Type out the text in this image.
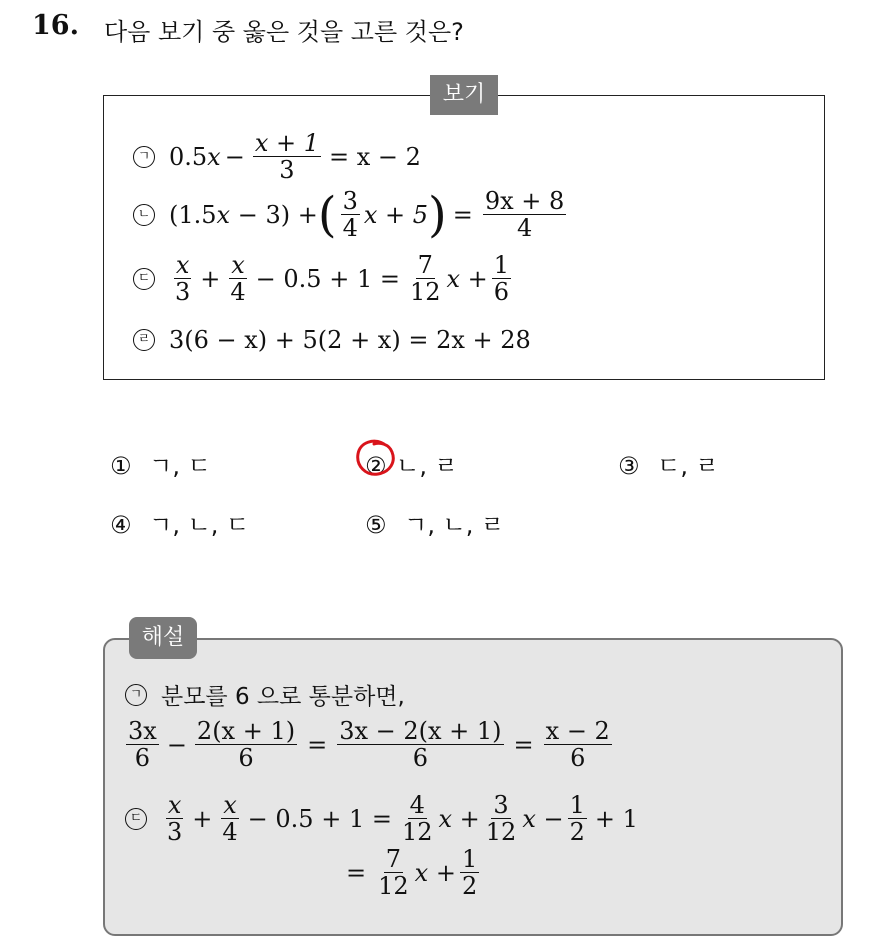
16. 다음 보기 중 옳은 것을 고른 것은?
보기
ㄱ 0.5 $x - \frac{x + 1}{3} = x - 2$
ㄴ (1.5 x − 3) + ( $\frac{3}{4}$ x + 5 ) = $\frac{9x + 8}{4}$
ㄷ $\frac{x}{3} + \frac{x}{4} - 0.5 + 1 = \frac{7}{12}$ $x + \frac{1}{6}$
ㄹ 3(6 − x) + 5(2 + x) = 2x + 28
① ㄱ, ㄷ	② ㄴ, ㄹ	③ ㄷ, ㄹ
④ ㄱ, ㄴ, ㄷ	⑤ ㄱ, ㄴ, ㄹ
해설
ㄱ 분모를 6 으로 통분하면,
$\frac{3x}{6} - \frac{2(x + 1)}{6} = \frac{3x - 2(x + 1)}{6} = \frac{x - 2}{6}$
ㄷ $\frac{x}{3} + \frac{x}{4} - 0.5 + 1 = \frac{4}{12}$ $x + \frac{3}{12}$ $x - \frac{1}{2} + 1$
= $\frac{7}{12}$ $x + \frac{1}{2}$
